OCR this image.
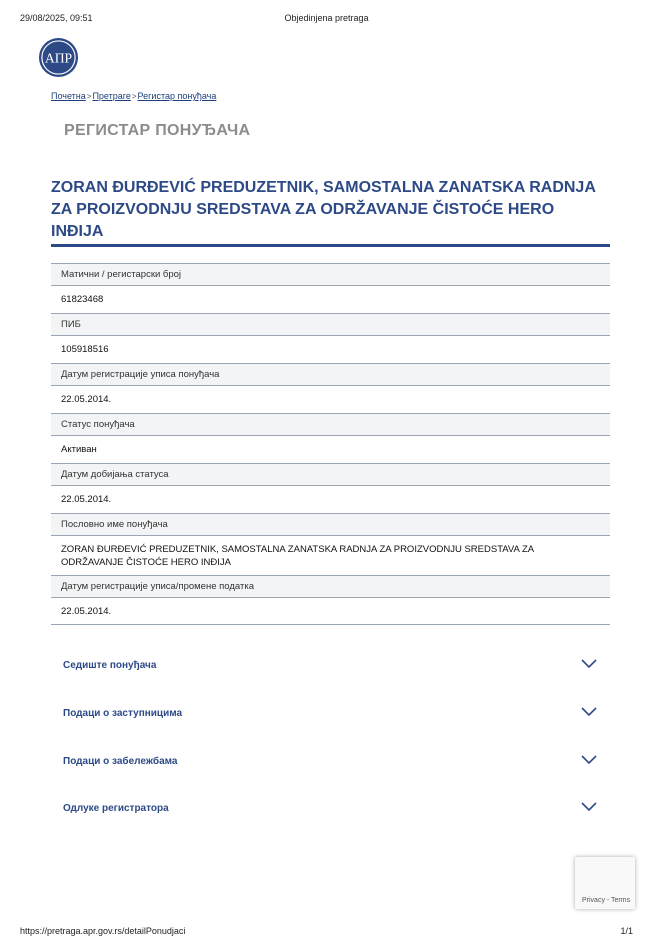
29/08/2025, 09:51	Objedinjena pretraga
АПР
Почетна>Претраге>Регистар понуђача
РЕГИСТАР ПОНУЂАЧА
ZORAN ĐURĐEVIĆ PREDUZETNIK, SAMOSTALNA ZANATSKA RADNJA ZA PROIZVODNJU SREDSTAVA ZA ODRŽAVANJE ČISTOĆE HERO INĐIJA
Матични / регистарски број
61823468
ПИБ
105918516
Датум регистрације уписа понуђача
22.05.2014.
Статус понуђача
Активан
Датум добијања статуса
22.05.2014.
Пословно име понуђача
ZORAN ĐURĐEVIĆ PREDUZETNIK, SAMOSTALNA ZANATSKA RADNJA ZA PROIZVODNJU SREDSTAVA ZA ODRŽAVANJE ČISTOĆE HERO INĐIJA
Датум регистрације уписа/промене податка
22.05.2014.
Седиште понуђача
Подаци о заступницима
Подаци о забележбама
Одлуке регистратора
Privacy - Terms
https://pretraga.apr.gov.rs/detailPonudjaci	1/1
